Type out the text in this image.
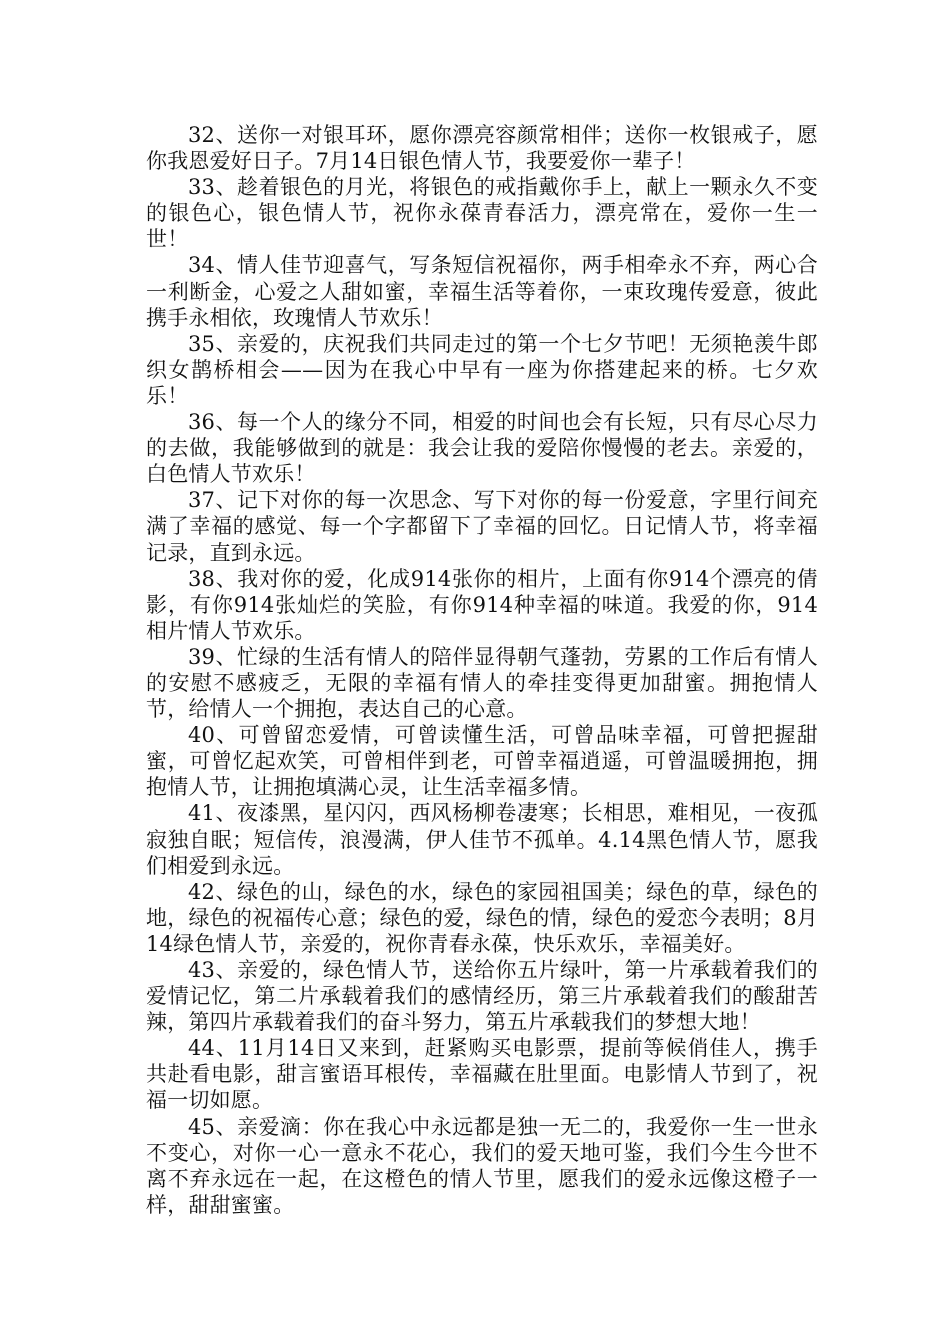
32、送你一对银耳环，愿你漂亮容颜常相伴；送你一枚银戒子，愿你我恩爱好日子。7月14日银色情人节，我要爱你一辈子！

33、趁着银色的月光，将银色的戒指戴你手上，献上一颗永久不变的银色心，银色情人节，祝你永葆青春活力，漂亮常在，爱你一生一世！

34、情人佳节迎喜气，写条短信祝福你，两手相牵永不弃，两心合一利断金，心爱之人甜如蜜，幸福生活等着你，一束玫瑰传爱意，彼此携手永相依，玫瑰情人节欢乐！

35、亲爱的，庆祝我们共同走过的第一个七夕节吧！无须艳羡牛郎织女鹊桥相会——因为在我心中早有一座为你搭建起来的桥。七夕欢乐！

36、每一个人的缘分不同，相爱的时间也会有长短，只有尽心尽力的去做，我能够做到的就是：我会让我的爱陪你慢慢的老去。亲爱的，白色情人节欢乐！

37、记下对你的每一次思念、写下对你的每一份爱意，字里行间充满了幸福的感觉、每一个字都留下了幸福的回忆。日记情人节，将幸福记录，直到永远。

38、我对你的爱，化成914张你的相片，上面有你914个漂亮的倩影，有你914张灿烂的笑脸，有你914种幸福的味道。我爱的你，914相片情人节欢乐。

39、忙绿的生活有情人的陪伴显得朝气蓬勃，劳累的工作后有情人的安慰不感疲乏，无限的幸福有情人的牵挂变得更加甜蜜。拥抱情人节，给情人一个拥抱，表达自己的心意。

40、可曾留恋爱情，可曾读懂生活，可曾品味幸福，可曾把握甜蜜，可曾忆起欢笑，可曾相伴到老，可曾幸福逍遥，可曾温暖拥抱，拥抱情人节，让拥抱填满心灵，让生活幸福多情。

41、夜漆黑，星闪闪，西风杨柳卷凄寒；长相思，难相见，一夜孤寂独自眠；短信传，浪漫满，伊人佳节不孤单。4.14黑色情人节，愿我们相爱到永远。

42、绿色的山，绿色的水，绿色的家园祖国美；绿色的草，绿色的地，绿色的祝福传心意；绿色的爱，绿色的情，绿色的爱恋今表明；8月14绿色情人节，亲爱的，祝你青春永葆，快乐欢乐，幸福美好。

43、亲爱的，绿色情人节，送给你五片绿叶，第一片承载着我们的爱情记忆，第二片承载着我们的感情经历，第三片承载着我们的酸甜苦辣，第四片承载着我们的奋斗努力，第五片承载我们的梦想大地！

44、11月14日又来到，赶紧购买电影票，提前等候俏佳人，携手共赴看电影，甜言蜜语耳根传，幸福藏在肚里面。电影情人节到了，祝福一切如愿。

45、亲爱滴：你在我心中永远都是独一无二的，我爱你一生一世永不变心，对你一心一意永不花心，我们的爱天地可鉴，我们今生今世不离不弃永远在一起，在这橙色的情人节里，愿我们的爱永远像这橙子一样，甜甜蜜蜜。
